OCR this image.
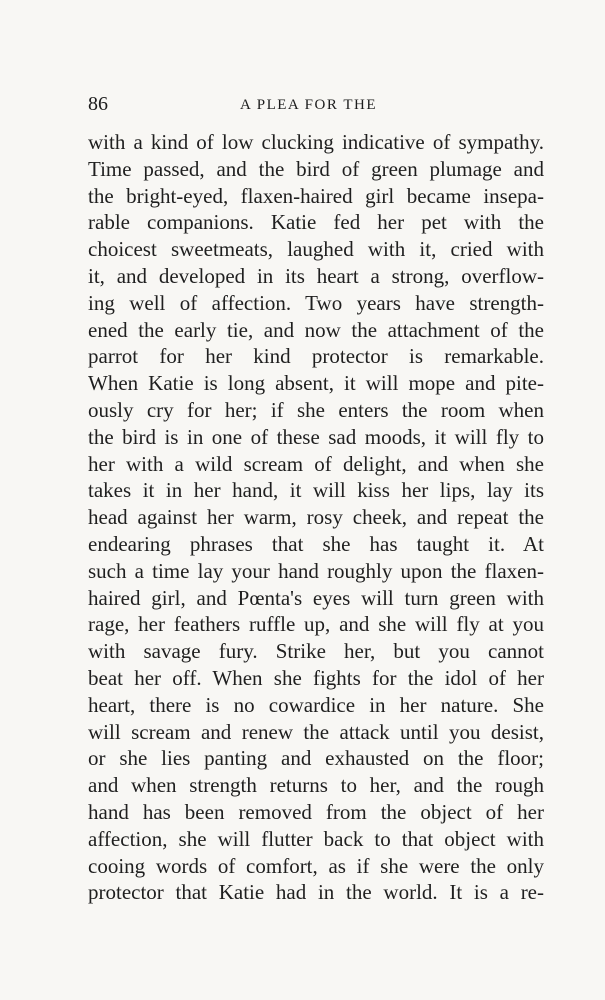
86	A PLEA FOR THE
with a kind of low clucking indicative of sympathy.
Time passed, and the bird of green plumage and
the bright-eyed, flaxen-haired girl became insepa-
rable companions. Katie fed her pet with the
choicest sweetmeats, laughed with it, cried with
it, and developed in its heart a strong, overflow-
ing well of affection. Two years have strength-
ened the early tie, and now the attachment of the
parrot for her kind protector is remarkable.
When Katie is long absent, it will mope and pite-
ously cry for her; if she enters the room when
the bird is in one of these sad moods, it will fly to
her with a wild scream of delight, and when she
takes it in her hand, it will kiss her lips, lay its
head against her warm, rosy cheek, and repeat the
endearing phrases that she has taught it. At
such a time lay your hand roughly upon the flaxen-
haired girl, and Pœnta's eyes will turn green with
rage, her feathers ruffle up, and she will fly at you
with savage fury. Strike her, but you cannot
beat her off. When she fights for the idol of her
heart, there is no cowardice in her nature. She
will scream and renew the attack until you desist,
or she lies panting and exhausted on the floor;
and when strength returns to her, and the rough
hand has been removed from the object of her
affection, she will flutter back to that object with
cooing words of comfort, as if she were the only
protector that Katie had in the world. It is a re-
